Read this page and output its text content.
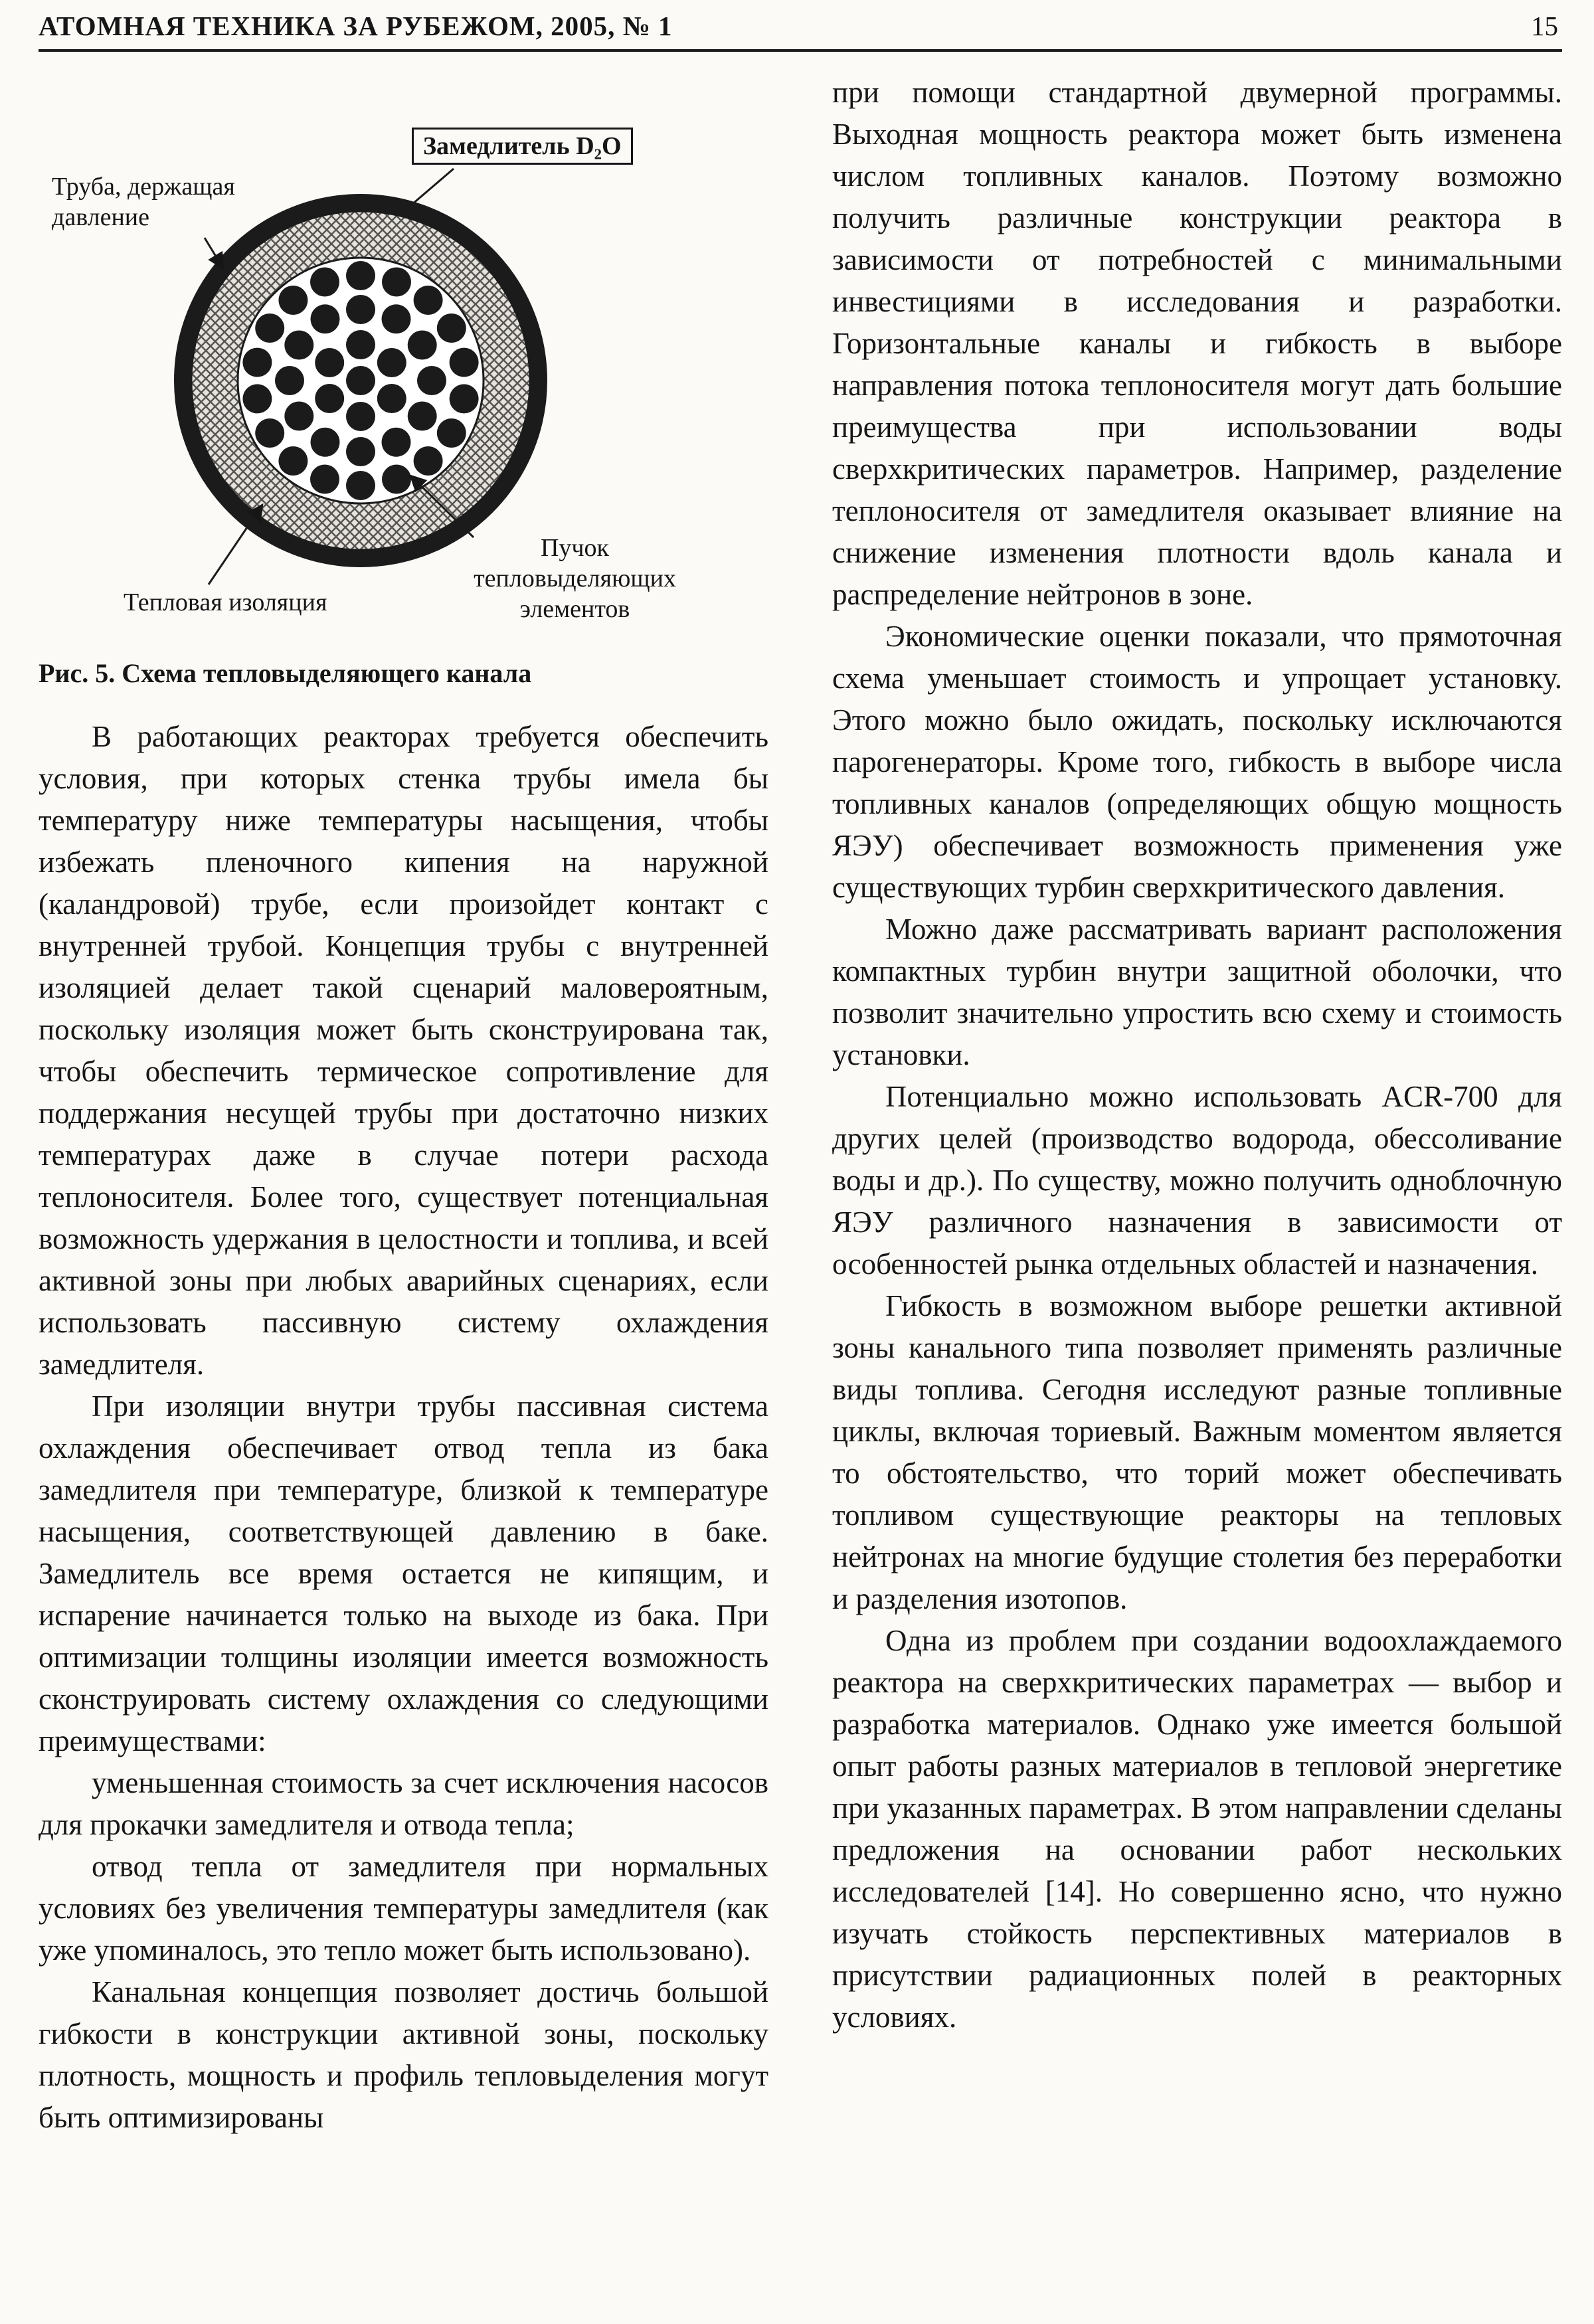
АТОМНАЯ ТЕХНИКА ЗА РУБЕЖОМ, 2005, № 1	15
Замедлитель D₂O
Труба, держащая давление
Тепловая изоляция
Пучок тепловыделяющих элементов
Рис. 5. Схема тепловыделяющего канала

В работающих реакторах требуется обеспечить условия, при которых стенка трубы имела бы температуру ниже температуры насыщения, чтобы избежать пленочного кипения на наружной (каландровой) трубе, если произойдет контакт с внутренней трубой. Концепция трубы с внутренней изоляцией делает такой сценарий маловероятным, поскольку изоляция может быть сконструирована так, чтобы обеспечить термическое сопротивление для поддержания несущей трубы при достаточно низких температурах даже в случае потери расхода теплоносителя. Более того, существует потенциальная возможность удержания в целостности и топлива, и всей активной зоны при любых аварийных сценариях, если использовать пассивную систему охлаждения замедлителя.

При изоляции внутри трубы пассивная система охлаждения обеспечивает отвод тепла из бака замедлителя при температуре, близкой к температуре насыщения, соответствующей давлению в баке. Замедлитель все время остается не кипящим, и испарение начинается только на выходе из бака. При оптимизации толщины изоляции имеется возможность сконструировать систему охлаждения со следующими преимуществами:

уменьшенная стоимость за счет исключения насосов для прокачки замедлителя и отвода тепла;

отвод тепла от замедлителя при нормальных условиях без увеличения температуры замедлителя (как уже упоминалось, это тепло может быть использовано).

Канальная концепция позволяет достичь большой гибкости в конструкции активной зоны, поскольку плотность, мощность и профиль тепловыделения могут быть оптимизированы

при помощи стандартной двумерной программы. Выходная мощность реактора может быть изменена числом топливных каналов. Поэтому возможно получить различные конструкции реактора в зависимости от потребностей с минимальными инвестициями в исследования и разработки. Горизонтальные каналы и гибкость в выборе направления потока теплоносителя могут дать большие преимущества при использовании воды сверхкритических параметров. Например, разделение теплоносителя от замедлителя оказывает влияние на снижение изменения плотности вдоль канала и распределение нейтронов в зоне.

Экономические оценки показали, что прямоточная схема уменьшает стоимость и упрощает установку. Этого можно было ожидать, поскольку исключаются парогенераторы. Кроме того, гибкость в выборе числа топливных каналов (определяющих общую мощность ЯЭУ) обеспечивает возможность применения уже существующих турбин сверхкритического давления.

Можно даже рассматривать вариант расположения компактных турбин внутри защитной оболочки, что позволит значительно упростить всю схему и стоимость установки.

Потенциально можно использовать ACR-700 для других целей (производство водорода, обессоливание воды и др.). По существу, можно получить одноблочную ЯЭУ различного назначения в зависимости от особенностей рынка отдельных областей и назначения.

Гибкость в возможном выборе решетки активной зоны канального типа позволяет применять различные виды топлива. Сегодня исследуют разные топливные циклы, включая ториевый. Важным моментом является то обстоятельство, что торий может обеспечивать топливом существующие реакторы на тепловых нейтронах на многие будущие столетия без переработки и разделения изотопов.

Одна из проблем при создании водоохлаждаемого реактора на сверхкритических параметрах — выбор и разработка материалов. Однако уже имеется большой опыт работы разных материалов в тепловой энергетике при указанных параметрах. В этом направлении сделаны предложения на основании работ нескольких исследователей [14]. Но совершенно ясно, что нужно изучать стойкость перспективных материалов в присутствии радиационных полей в реакторных условиях.
